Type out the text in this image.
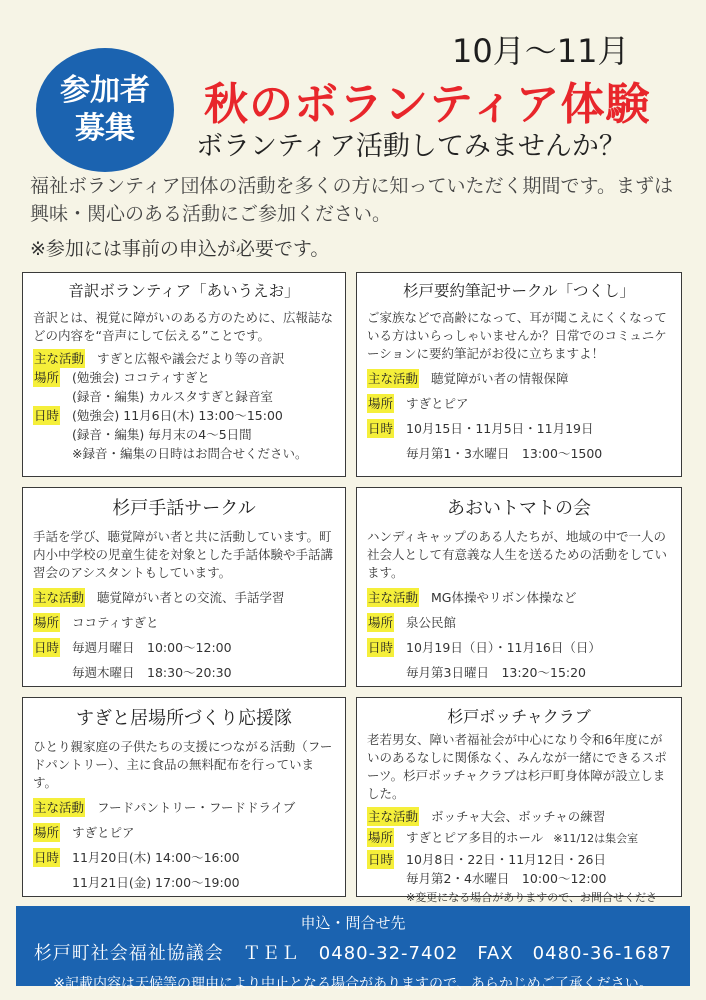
参加者
募集
10月～11月
秋のボランティア体験
ボランティア活動してみませんか？
福祉ボランティア団体の活動を多くの方に知っていただく期間です。まずは興味・関心のある活動にご参加ください。
※参加には事前の申込が必要です。
音訳ボランティア「あいうえお」
音訳とは、視覚に障がいのある方のために、広報誌などの内容を“音声にして伝える”ことです。
主な活動 すぎと広報や議会だより等の音訳
場所 (勉強会) ココティすぎと
(録音・編集) カルスタすぎと録音室
日時 (勉強会) 11月6日(木) 13:00～15:00
(録音・編集) 毎月末の4～5日間
※録音・編集の日時はお問合せください。
杉戸要約筆記サークル「つくし」
ご家族などで高齢になって、耳が聞こえにくくなっている方はいらっしゃいませんか？日常でのコミュニケーションに要約筆記がお役に立ちますよ！
主な活動 聴覚障がい者の情報保障
場所 すぎとピア
日時 10月15日・11月5日・11月19日
毎月第1・3水曜日　13:00～1500
杉戸手話サークル
手話を学び、聴覚障がい者と共に活動しています。町内小中学校の児童生徒を対象とした手話体験や手話講習会のアシスタントもしています。
主な活動 聴覚障がい者との交流、手話学習
場所 ココティすぎと
日時 毎週月曜日　10:00～12:00
毎週木曜日　18:30～20:30
あおいトマトの会
ハンディキャップのある人たちが、地域の中で一人の社会人として有意義な人生を送るための活動をしています。
主な活動 MG体操やリボン体操など
場所 泉公民館
日時 10月19日（日）・11月16日（日）
毎月第3日曜日　13:20～15:20
すぎと居場所づくり応援隊
ひとり親家庭の子供たちの支援につながる活動（フードパントリー）、主に食品の無料配布を行っています。
主な活動 フードパントリー・フードドライブ
場所 すぎとピア
日時 11月20日(木) 14:00～16:00
11月21日(金) 17:00～19:00
杉戸ボッチャクラブ
老若男女、障い者福祉会が中心になり令和6年度にがいのあるなしに関係なく、みんなが一緒にできるスポーツ。杉戸ボッチャクラブは杉戸町身体障が設立しました。
主な活動 ボッチャ大会、ボッチャの練習
場所 すぎとピア多目的ホール ※11/12は集会室
日時 10月8日・22日・11月12日・26日
毎月第2・4水曜日　10:00～12:00
※変更になる場合がありますので、お問合せくださ
申込・問合せ先
杉戸町社会福祉協議会　ＴＥＬ　0480-32-7402　FAX　0480-36-1687
※記載内容は天候等の理由により中止となる場合がありますので、あらかじめご了承ください。
